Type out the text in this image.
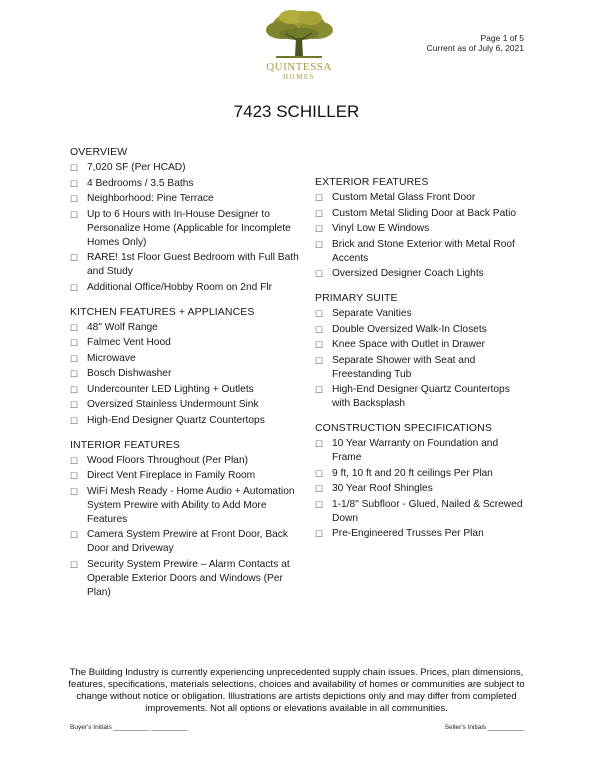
QUINTESSA
HOMES
Page 1 of 5
Current as of July 6, 2021
7423 SCHILLER
OVERVIEW
☐ 7,020 SF (Per HCAD)
☐ 4 Bedrooms / 3.5 Baths
☐ Neighborhood: Pine Terrace
☐ Up to 6 Hours with In-House Designer to Personalize Home (Applicable for Incomplete Homes Only)
☐ RARE! 1st Floor Guest Bedroom with Full Bath and Study
☐ Additional Office/Hobby Room on 2nd Flr
KITCHEN FEATURES + APPLIANCES
☐ 48" Wolf Range
☐ Falmec Vent Hood
☐ Microwave
☐ Bosch Dishwasher
☐ Undercounter LED Lighting + Outlets
☐ Oversized Stainless Undermount Sink
☐ High-End Designer Quartz Countertops
INTERIOR FEATURES
☐ Wood Floors Throughout (Per Plan)
☐ Direct Vent Fireplace in Family Room
☐ WiFi Mesh Ready - Home Audio + Automation System Prewire with Ability to Add More Features
☐ Camera System Prewire at Front Door, Back Door and Driveway
☐ Security System Prewire – Alarm Contacts at Operable Exterior Doors and Windows (Per Plan)
EXTERIOR FEATURES
☐ Custom Metal Glass Front Door
☐ Custom Metal Sliding Door at Back Patio
☐ Vinyl Low E Windows
☐ Brick and Stone Exterior with Metal Roof Accents
☐ Oversized Designer Coach Lights
PRIMARY SUITE
☐ Separate Vanities
☐ Double Oversized Walk-In Closets
☐ Knee Space with Outlet in Drawer
☐ Separate Shower with Seat and Freestanding Tub
☐ High-End Designer Quartz Countertops with Backsplash
CONSTRUCTION SPECIFICATIONS
☐ 10 Year Warranty on Foundation and Frame
☐ 9 ft, 10 ft and 20 ft ceilings Per Plan
☐ 30 Year Roof Shingles
☐ 1-1/8" Subfloor - Glued, Nailed & Screwed Down
☐ Pre-Engineered Trusses Per Plan
The Building Industry is currently experiencing unprecedented supply chain issues. Prices, plan dimensions, features, specifications, materials selections, choices and availability of homes or communities are subject to change without notice or obligation. Illustrations are artists depictions only and may differ from completed improvements. Not all options or elevations available in all communities.
Buyer's Initials __________ __________	Seller's Initials __________
